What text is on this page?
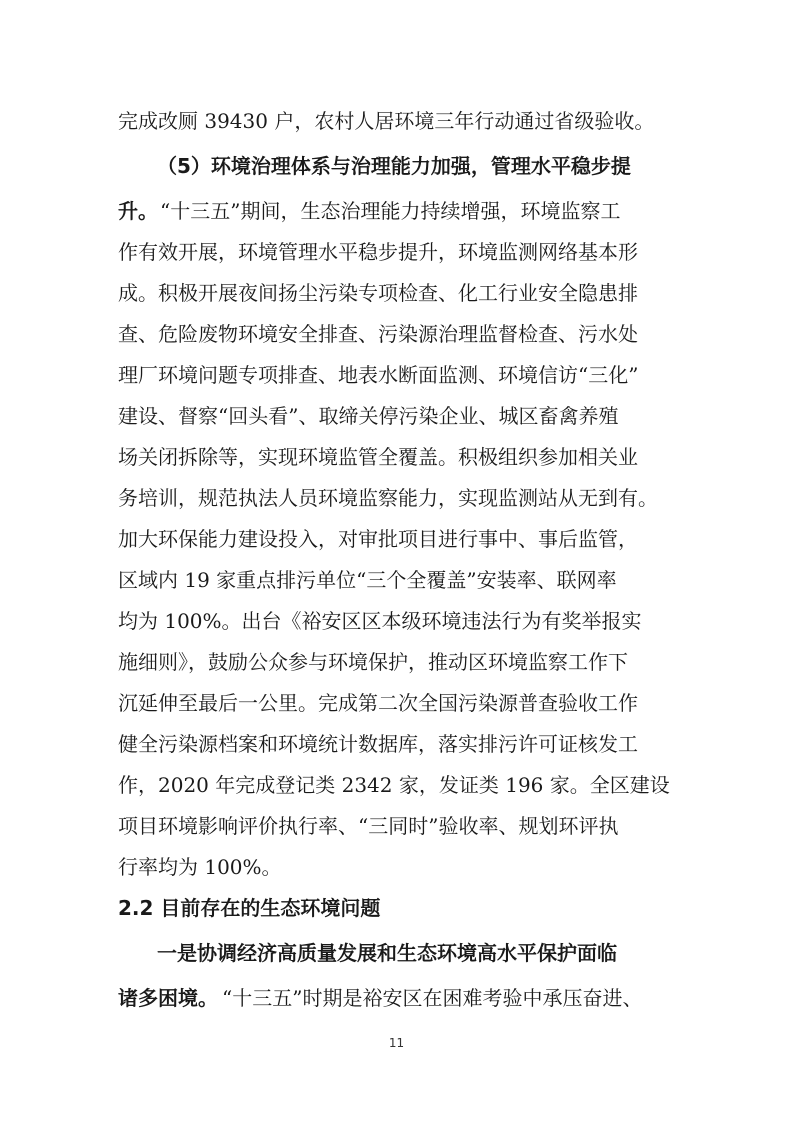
完成改厕 39430 户，农村人居环境三年行动通过省级验收。
（5）环境治理体系与治理能力加强，管理水平稳步提
升。 “十三五”期间，生态治理能力持续增强，环境监察工
作有效开展，环境管理水平稳步提升，环境监测网络基本形
成。积极开展夜间扬尘污染专项检查、化工行业安全隐患排
查、危险废物环境安全排查、污染源治理监督检查、污水处
理厂环境问题专项排查、地表水断面监测、环境信访“三化”
建设、督察“回头看”、取缔关停污染企业、城区畜禽养殖
场关闭拆除等，实现环境监管全覆盖。积极组织参加相关业
务培训，规范执法人员环境监察能力，实现监测站从无到有。
加大环保能力建设投入，对审批项目进行事中、事后监管，
区域内 19 家重点排污单位“三个全覆盖”安装率、联网率
均为 100%。出台《裕安区区本级环境违法行为有奖举报实
施细则》，鼓励公众参与环境保护，推动区环境监察工作下
沉延伸至最后一公里。完成第二次全国污染源普查验收工作
健全污染源档案和环境统计数据库，落实排污许可证核发工
作，2020 年完成登记类 2342 家，发证类 196 家。全区建设
项目环境影响评价执行率、“三同时”验收率、规划环评执
行率均为 100%。
2.2 目前存在的生态环境问题
一是协调经济高质量发展和生态环境高水平保护面临
诸多困境。 “十三五”时期是裕安区在困难考验中承压奋进、
11
